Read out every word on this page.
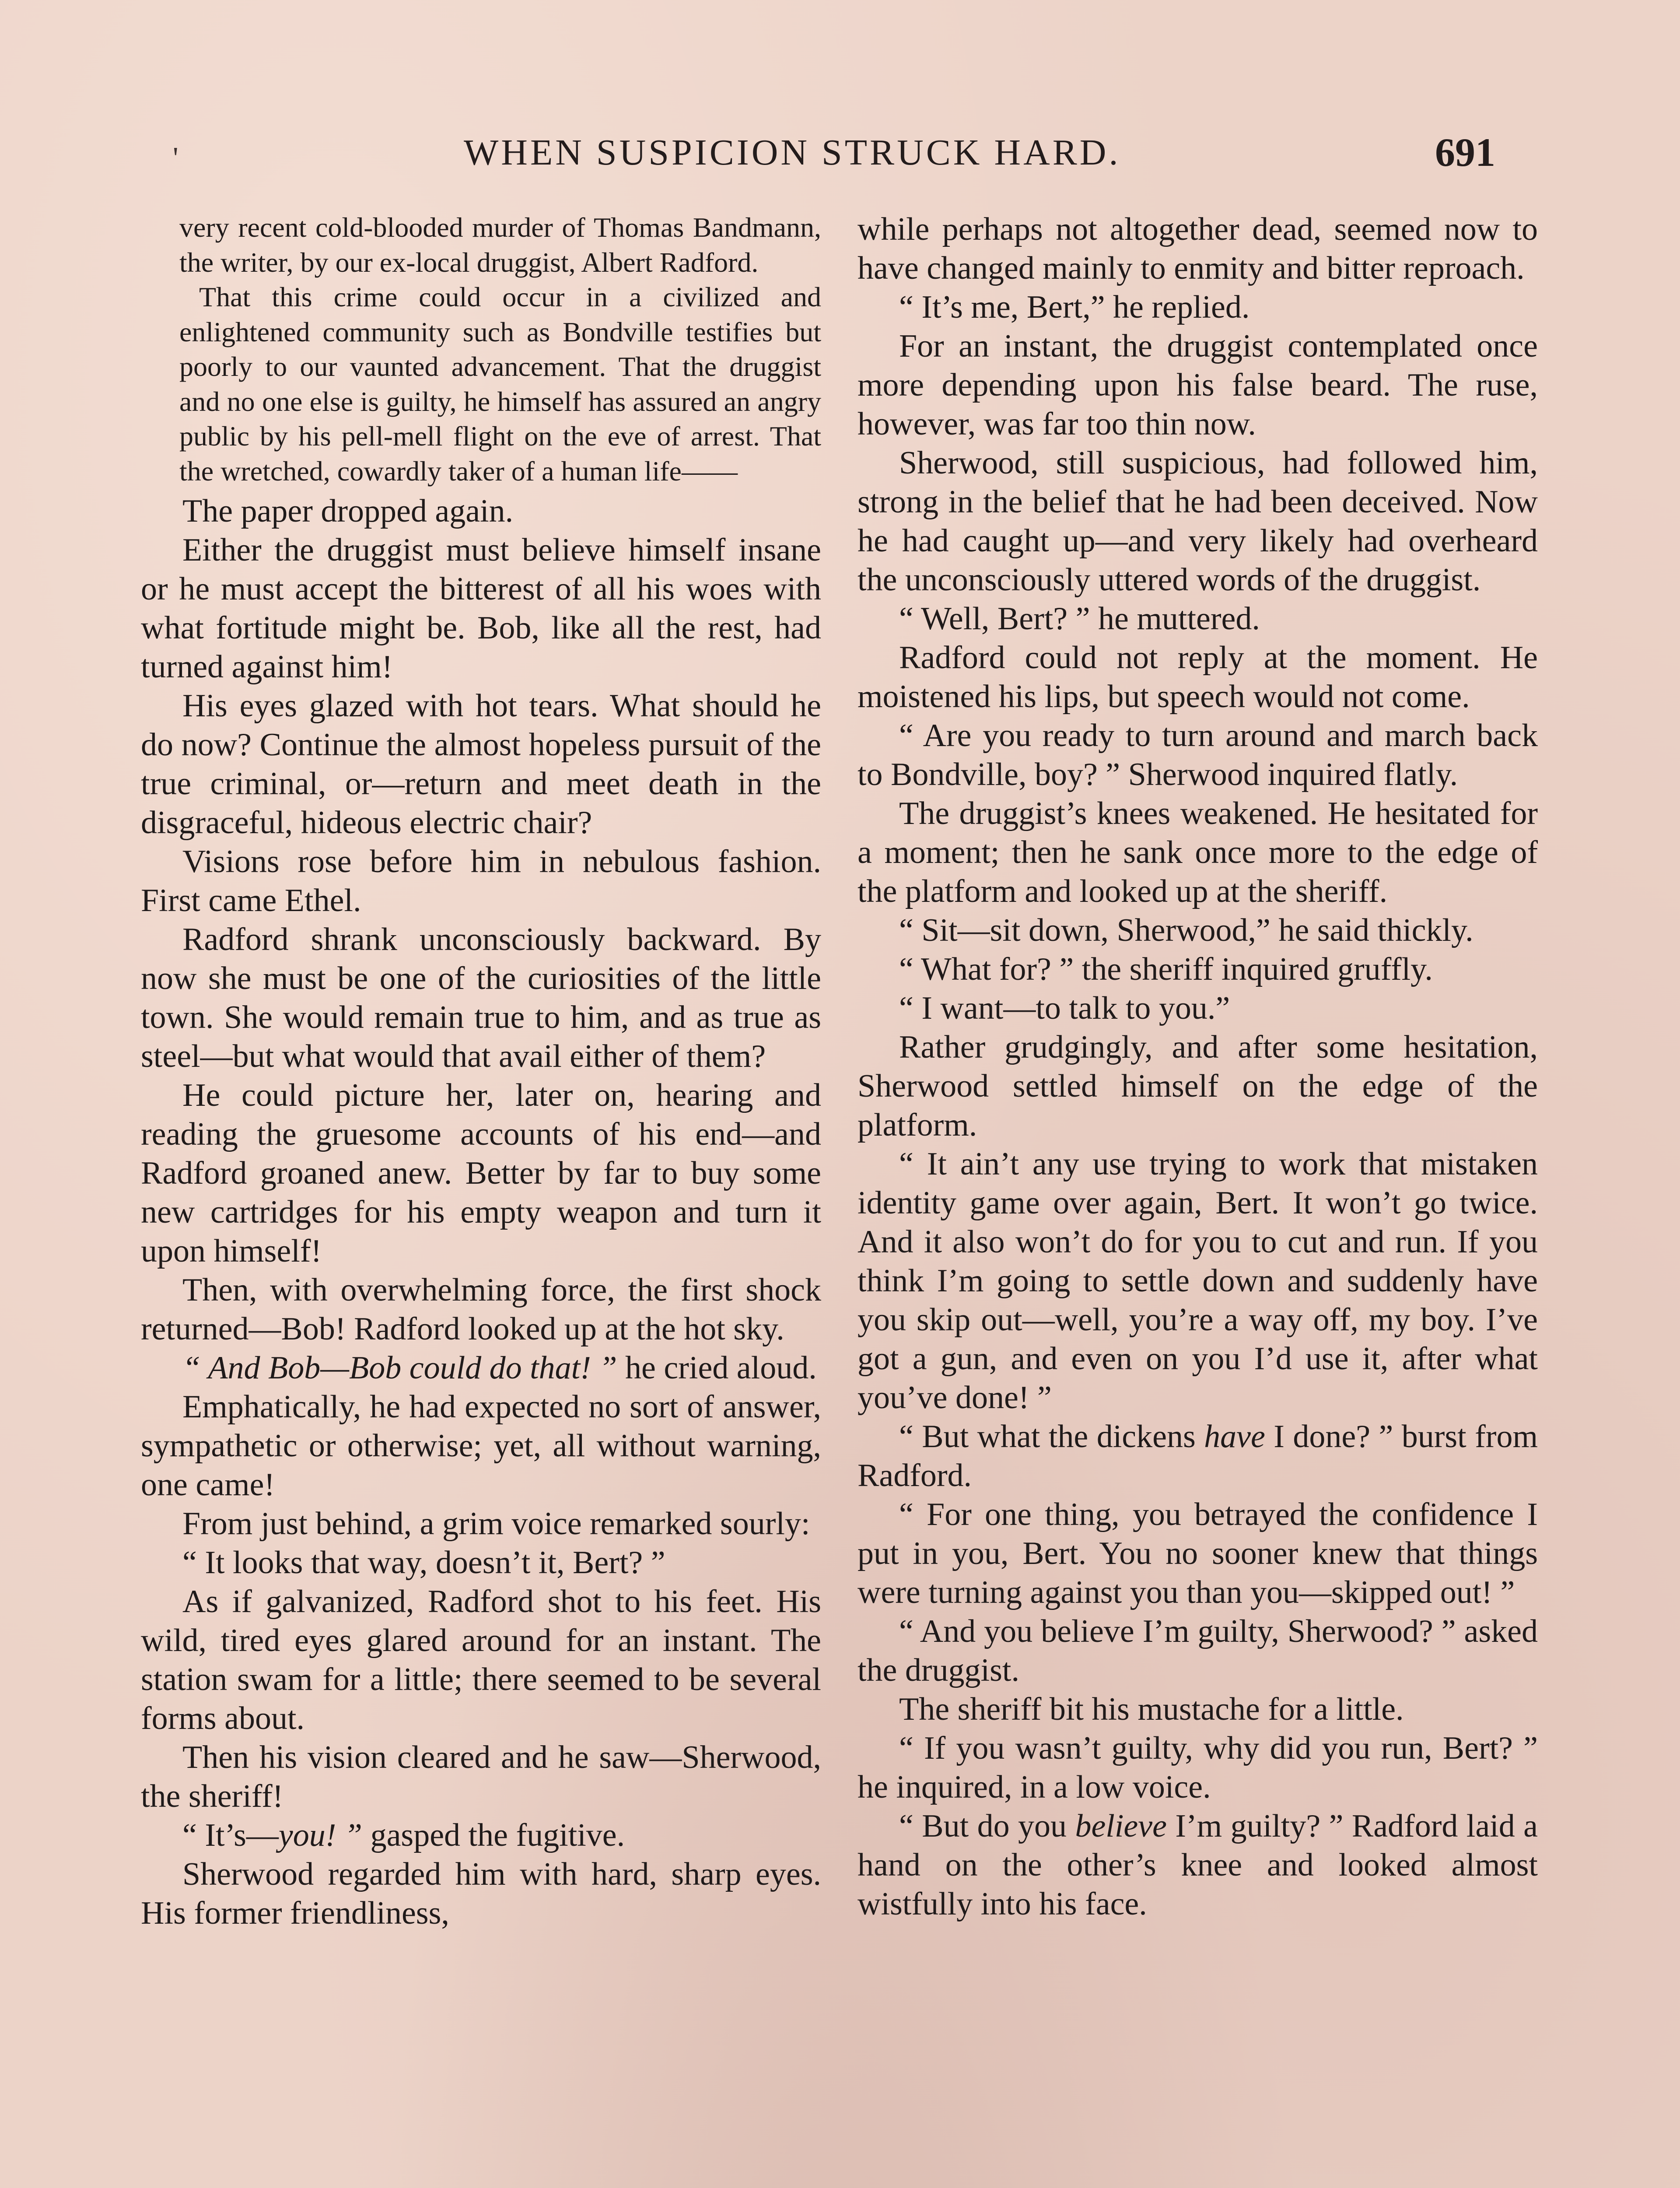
'	WHEN SUSPICION STRUCK HARD.	691

very recent cold-blooded murder of Thomas Bandmann, the writer, by our ex-local druggist, Albert Radford.

That this crime could occur in a civilized and enlightened community such as Bondville testifies but poorly to our vaunted advancement. That the druggist and no one else is guilty, he himself has assured an angry public by his pell-mell flight on the eve of arrest. That the wretched, cowardly taker of a human life——

The paper dropped again.

Either the druggist must believe himself insane or he must accept the bitterest of all his woes with what fortitude might be. Bob, like all the rest, had turned against him!

His eyes glazed with hot tears. What should he do now? Continue the almost hopeless pursuit of the true criminal, or—return and meet death in the disgraceful, hideous electric chair?

Visions rose before him in nebulous fashion. First came Ethel.

Radford shrank unconsciously backward. By now she must be one of the curiosities of the little town. She would remain true to him, and as true as steel—but what would that avail either of them?

He could picture her, later on, hearing and reading the gruesome accounts of his end—and Radford groaned anew. Better by far to buy some new cartridges for his empty weapon and turn it upon himself!

Then, with overwhelming force, the first shock returned—Bob! Radford looked up at the hot sky.

“ And Bob—Bob could do that! ” he cried aloud.

Emphatically, he had expected no sort of answer, sympathetic or otherwise; yet, all without warning, one came!

From just behind, a grim voice remarked sourly:

“ It looks that way, doesn’t it, Bert? ”

As if galvanized, Radford shot to his feet. His wild, tired eyes glared around for an instant. The station swam for a little; there seemed to be several forms about.

Then his vision cleared and he saw—Sherwood, the sheriff!

“ It’s—you! ” gasped the fugitive.

Sherwood regarded him with hard, sharp eyes. His former friendliness,

while perhaps not altogether dead, seemed now to have changed mainly to enmity and bitter reproach.

“ It’s me, Bert,” he replied.

For an instant, the druggist contemplated once more depending upon his false beard. The ruse, however, was far too thin now.

Sherwood, still suspicious, had followed him, strong in the belief that he had been deceived. Now he had caught up—and very likely had overheard the unconsciously uttered words of the druggist.

“ Well, Bert? ” he muttered.

Radford could not reply at the moment. He moistened his lips, but speech would not come.

“ Are you ready to turn around and march back to Bondville, boy? ” Sherwood inquired flatly.

The druggist’s knees weakened. He hesitated for a moment; then he sank once more to the edge of the platform and looked up at the sheriff.

“ Sit—sit down, Sherwood,” he said thickly.

“ What for? ” the sheriff inquired gruffly.

“ I want—to talk to you.”

Rather grudgingly, and after some hesitation, Sherwood settled himself on the edge of the platform.

“ It ain’t any use trying to work that mistaken identity game over again, Bert. It won’t go twice. And it also won’t do for you to cut and run. If you think I’m going to settle down and suddenly have you skip out—well, you’re a way off, my boy. I’ve got a gun, and even on you I’d use it, after what you’ve done! ”

“ But what the dickens have I done? ” burst from Radford.

“ For one thing, you betrayed the confidence I put in you, Bert. You no sooner knew that things were turning against you than you—skipped out! ”

“ And you believe I’m guilty, Sherwood? ” asked the druggist.

The sheriff bit his mustache for a little.

“ If you wasn’t guilty, why did you run, Bert? ” he inquired, in a low voice.

“ But do you believe I’m guilty? ” Radford laid a hand on the other’s knee and looked almost wistfully into his face.
